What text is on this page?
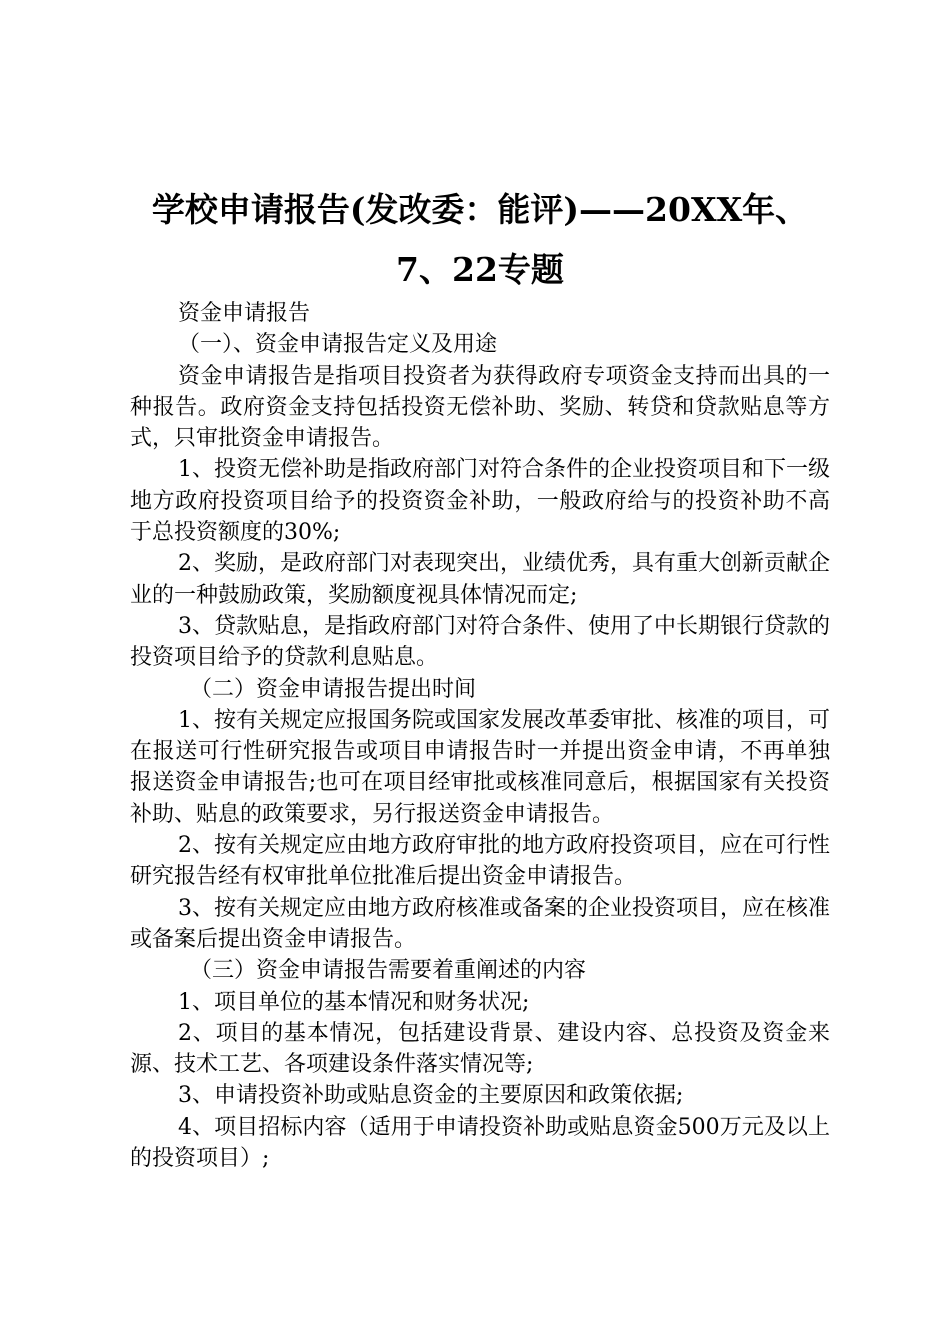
学校申请报告(发改委：能评)——20XX年、
7、22专题

资金申请报告

（一）、资金申请报告定义及用途

资金申请报告是指项目投资者为获得政府专项资金支持而出具的一种报告。政府资金支持包括投资无偿补助、奖励、转贷和贷款贴息等方式，只审批资金申请报告。

1、投资无偿补助是指政府部门对符合条件的企业投资项目和下一级地方政府投资项目给予的投资资金补助，一般政府给与的投资补助不高于总投资额度的30%;

2、奖励，是政府部门对表现突出，业绩优秀，具有重大创新贡献企业的一种鼓励政策，奖励额度视具体情况而定;

3、贷款贴息，是指政府部门对符合条件、使用了中长期银行贷款的投资项目给予的贷款利息贴息。

（二）资金申请报告提出时间

1、按有关规定应报国务院或国家发展改革委审批、核准的项目，可在报送可行性研究报告或项目申请报告时一并提出资金申请，不再单独报送资金申请报告;也可在项目经审批或核准同意后，根据国家有关投资补助、贴息的政策要求，另行报送资金申请报告。

2、按有关规定应由地方政府审批的地方政府投资项目，应在可行性研究报告经有权审批单位批准后提出资金申请报告。

3、按有关规定应由地方政府核准或备案的企业投资项目，应在核准或备案后提出资金申请报告。

（三）资金申请报告需要着重阐述的内容

1、项目单位的基本情况和财务状况;

2、项目的基本情况，包括建设背景、建设内容、总投资及资金来源、技术工艺、各项建设条件落实情况等;

3、申请投资补助或贴息资金的主要原因和政策依据;

4、项目招标内容（适用于申请投资补助或贴息资金500万元及以上的投资项目）;
